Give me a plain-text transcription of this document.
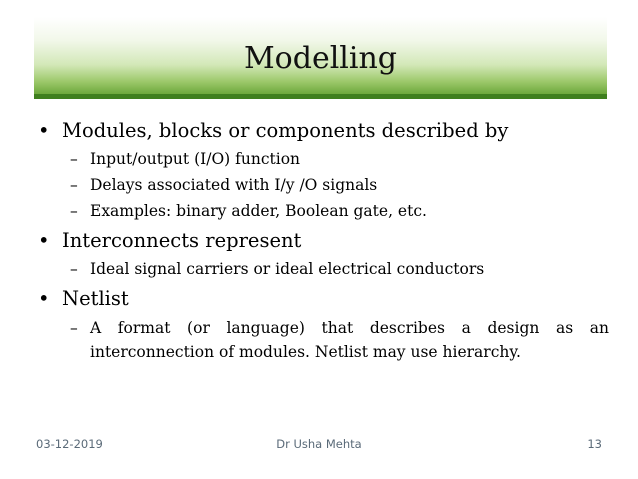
Modelling
• Modules, blocks or components described by
– Input/output (I/O) function
– Delays associated with I/y /O signals
– Examples: binary adder, Boolean gate, etc.
• Interconnects represent
– Ideal signal carriers or ideal electrical conductors
• Netlist
– A format (or language) that describes a design as an interconnection of modules. Netlist may use hierarchy.
03-12-2019	Dr Usha Mehta	13
